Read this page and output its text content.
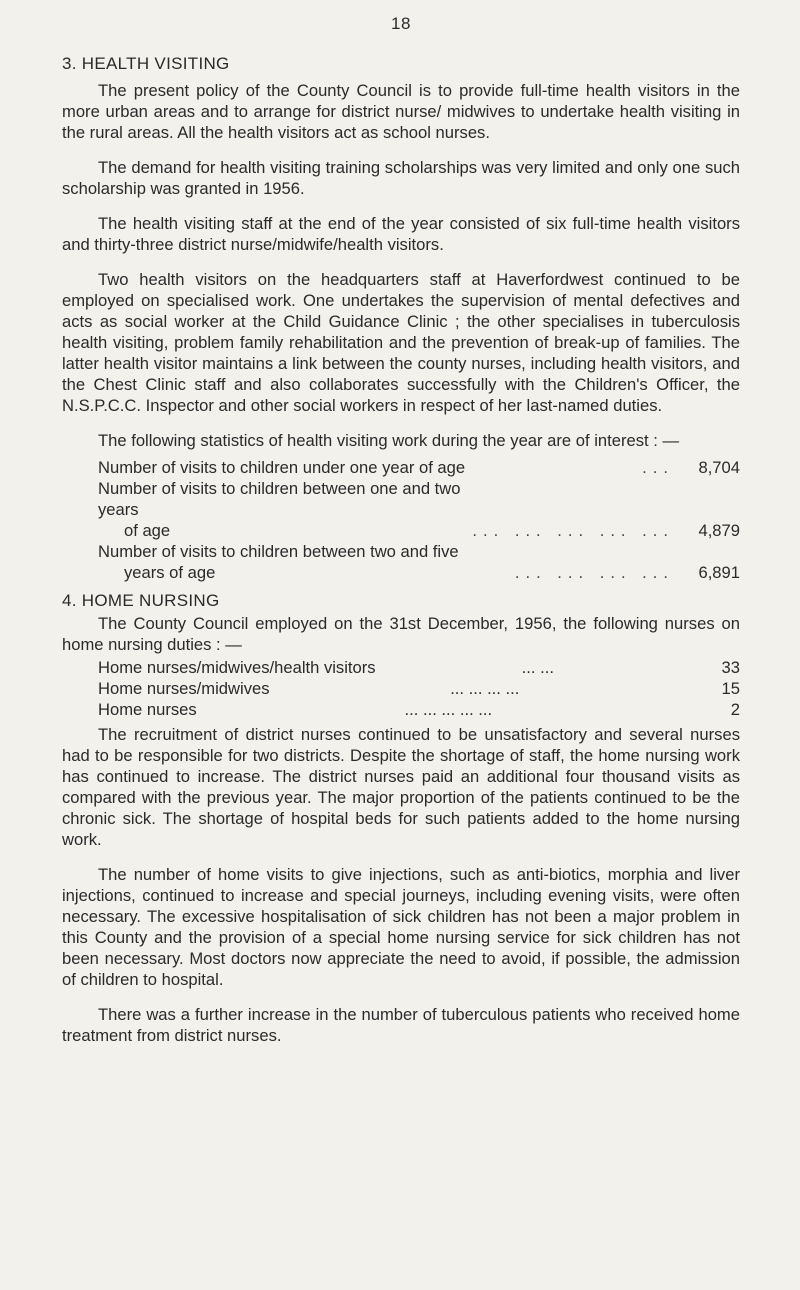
18
3. HEALTH VISITING

The present policy of the County Council is to provide full-time health visitors in the more urban areas and to arrange for district nurse/ midwives to undertake health visiting in the rural areas. All the health visitors act as school nurses.

The demand for health visiting training scholarships was very limited and only one such scholarship was granted in 1956.

The health visiting staff at the end of the year consisted of six full-time health visitors and thirty-three district nurse/midwife/health visitors.

Two health visitors on the headquarters staff at Haverfordwest continued to be employed on specialised work. One undertakes the supervision of mental defectives and acts as social worker at the Child Guidance Clinic ; the other specialises in tuberculosis health visiting, problem family rehabilitation and the prevention of break-up of families. The latter health visitor maintains a link between the county nurses, including health visitors, and the Chest Clinic staff and also collaborates successfully with the Children's Officer, the N.S.P.C.C. Inspector and other social workers in respect of her last-named duties.

The following statistics of health visiting work during the year are of interest : —

Number of visits to children under one year of age	...	8,704
Number of visits to children between one and two years
of age	... ... ... ... ...	4,879
Number of visits to children between two and five
years of age	... ... ... ...	6,891
4. HOME NURSING

The County Council employed on the 31st December, 1956, the following nurses on home nursing duties : —

Home nurses/midwives/health visitors	... ...	33
Home nurses/midwives	... ... ... ...	15
Home nurses	... ... ... ... ...	2

The recruitment of district nurses continued to be unsatisfactory and several nurses had to be responsible for two districts. Despite the shortage of staff, the home nursing work has continued to increase. The district nurses paid an additional four thousand visits as compared with the previous year. The major proportion of the patients continued to be the chronic sick. The shortage of hospital beds for such patients added to the home nursing work.

The number of home visits to give injections, such as anti-biotics, morphia and liver injections, continued to increase and special journeys, including evening visits, were often necessary. The excessive hospitalisation of sick children has not been a major problem in this County and the provision of a special home nursing service for sick children has not been necessary. Most doctors now appreciate the need to avoid, if possible, the admission of children to hospital.

There was a further increase in the number of tuberculous patients who received home treatment from district nurses.
